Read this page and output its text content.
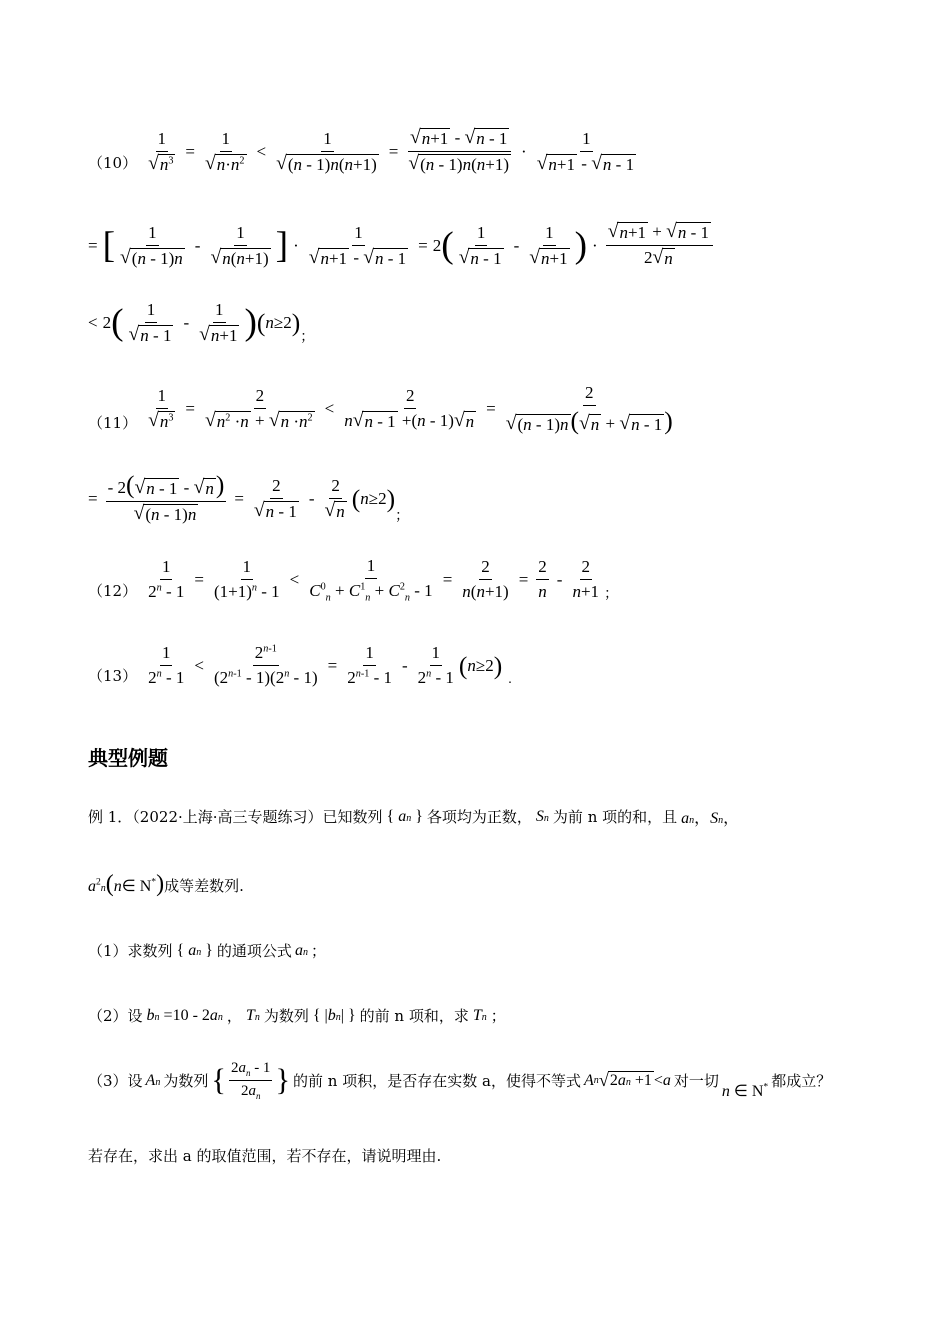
$(10) \frac{1}{√ n^3} = \frac{1}{√ n\cdot n^2} < \frac{1}{√ (n - 1)n(n+1)} = \frac{√ n+1 - √ n - 1}{√ (n - 1)n(n+1)} \cdot \frac{1}{√ n+1 - √ n - 1}$
= [ $\frac{1}{√ (n - 1)n} - \frac{1}{√ n(n+1)}$ ] · $\frac{1}{√ n+1 - √ n - 1} = 2$ ( $\frac{1}{√ n - 1} - \frac{1}{√ n+1}$ ) · $\frac{√ n+1 + √ n - 1}{2 √ n}$
< 2 ( $\frac{1}{√ n - 1} - \frac{1}{√ n+1}$ ) ( n ≥2 )
；
$(11) \frac{1}{√ n^3} = \frac{2}{√ n^2 \cdot n + √ n \cdot n^2} < \frac{2}{n √ n - 1 +(n - 1) √ n} = \frac{2}{√ (n - 1)n ( √ n + √ n - 1 )}$
= $\frac{- 2( √ n - 1 - √ n )}{√ (n - 1)n} = \frac{2}{√ n - 1} - \frac{2}{√ n}$ ( n ≥2 )
；
$(12) \frac{1}{2^n - 1} = \frac{1}{(1+1)^n - 1} < \frac{1}{C^0_n + C^1_n + C^2_n - 1} = \frac{2}{n(n+1)} = \frac{2}{n} - \frac{2}{n+1}$ ；
$(13) \frac{1}{2^n - 1} < \frac{2^{n-1}}{(2^{n-1} - 1)(2^n - 1)} = \frac{1}{2^{n-1} - 1} - \frac{1}{2^n - 1}$ ( n ≥2 ) .
典型例题
例 1．（2022·上海·高三专题练习）已知数列 { an } 各项均为正数， Sn 为前 n 项的和，且 an，Sn，
$a^2n(n\in$ N*) 成等差数列.
（1）求数列 { an } 的通项公式 an ；
（2）设 bn =10 - 2an ， Tn 为数列 { |bn| } 的前 n 项和，求 Tn ；
（3）设 An 为数列 { $\frac{2a_n - 1}{2a_n}$ } 的前 n 项积，是否存在实数 a，使得不等式 A n √ 2an +1 < a 对一切
n ∈ N* 都成立？
若存在，求出 a 的取值范围，若不存在，请说明理由.
